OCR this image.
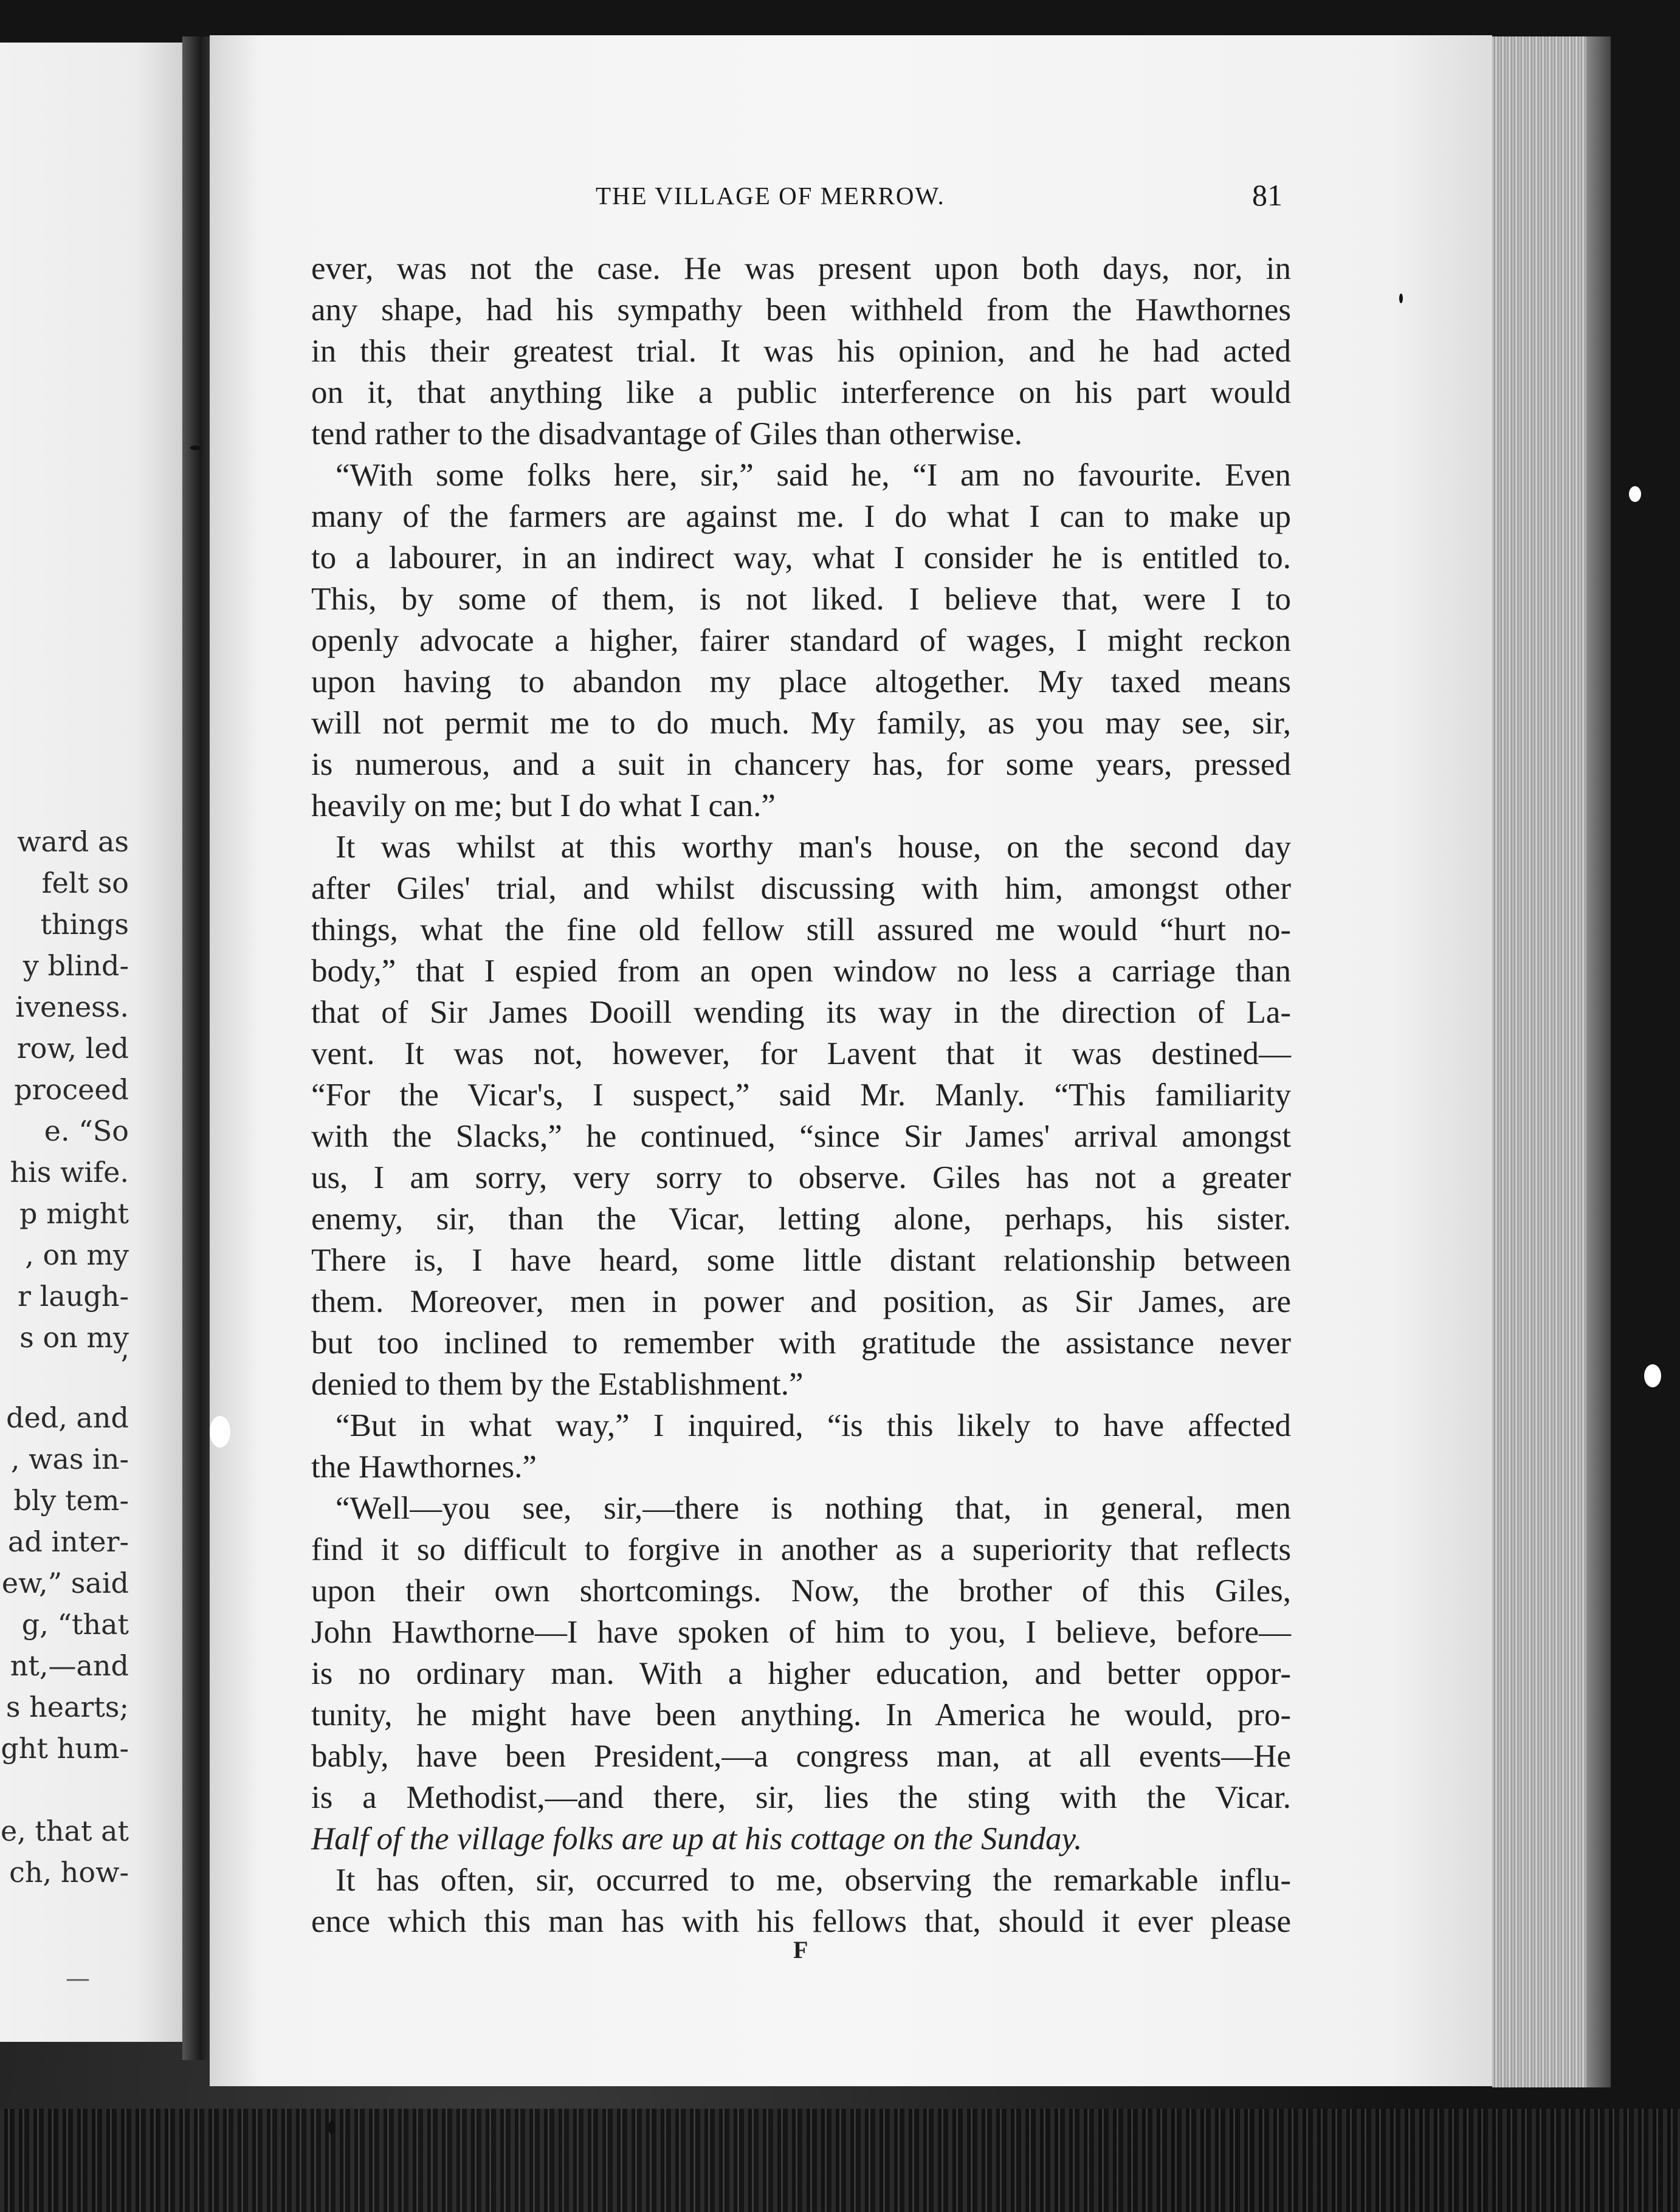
ward as
felt so
things
y blind-
iveness.
row, led
proceed
e. “So
his wife.
p might
, on my
r laugh-
s on my
’
ded, and
, was in-
bly tem-
ad inter-
ew,” said
g, “that
nt,—and
s hearts;
ght hum-
e, that at
ch, how-
—
THE VILLAGE OF MERROW.	81
ever, was not the case. He was present upon both days, nor, in
any shape, had his sympathy been withheld from the Hawthornes
in this their greatest trial. It was his opinion, and he had acted
on it, that anything like a public interference on his part would
tend rather to the disadvantage of Giles than otherwise.
“With some folks here, sir,” said he, “I am no favourite. Even
many of the farmers are against me. I do what I can to make up
to a labourer, in an indirect way, what I consider he is entitled to.
This, by some of them, is not liked. I believe that, were I to
openly advocate a higher, fairer standard of wages, I might reckon
upon having to abandon my place altogether. My taxed means
will not permit me to do much. My family, as you may see, sir,
is numerous, and a suit in chancery has, for some years, pressed
heavily on me; but I do what I can.”
It was whilst at this worthy man's house, on the second day
after Giles' trial, and whilst discussing with him, amongst other
things, what the fine old fellow still assured me would “hurt no-
body,” that I espied from an open window no less a carriage than
that of Sir James Dooill wending its way in the direction of La-
vent. It was not, however, for Lavent that it was destined—
“For the Vicar's, I suspect,” said Mr. Manly. “This familiarity
with the Slacks,” he continued, “since Sir James' arrival amongst
us, I am sorry, very sorry to observe. Giles has not a greater
enemy, sir, than the Vicar, letting alone, perhaps, his sister.
There is, I have heard, some little distant relationship between
them. Moreover, men in power and position, as Sir James, are
but too inclined to remember with gratitude the assistance never
denied to them by the Establishment.”
“But in what way,” I inquired, “is this likely to have affected
the Hawthornes.”
“Well—you see, sir,—there is nothing that, in general, men
find it so difficult to forgive in another as a superiority that reflects
upon their own shortcomings. Now, the brother of this Giles,
John Hawthorne—I have spoken of him to you, I believe, before—
is no ordinary man. With a higher education, and better oppor-
tunity, he might have been anything. In America he would, pro-
bably, have been President,—a congress man, at all events—He
is a Methodist,—and there, sir, lies the sting with the Vicar.
Half of the village folks are up at his cottage on the Sunday.
It has often, sir, occurred to me, observing the remarkable influ-
ence which this man has with his fellows that, should it ever please
F
